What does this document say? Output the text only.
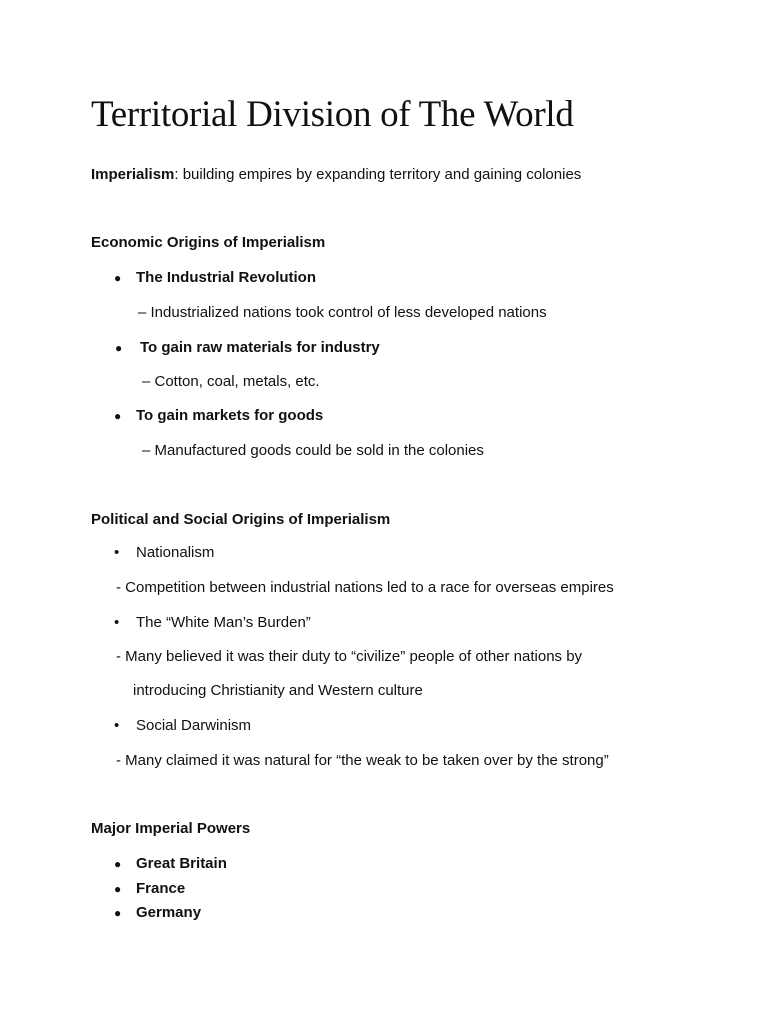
Territorial Division of The World

Imperialism: building empires by expanding territory and gaining colonies

Economic Origins of Imperialism

● The Industrial Revolution

– Industrialized nations took control of less developed nations

● To gain raw materials for industry

– Cotton, coal, metals, etc.

● To gain markets for goods

– Manufactured goods could be sold in the colonies

Political and Social Origins of Imperialism

• Nationalism

- Competition between industrial nations led to a race for overseas empires

• The “White Man’s Burden”

- Many believed it was their duty to “civilize” people of other nations by

introducing Christianity and Western culture

• Social Darwinism

- Many claimed it was natural for “the weak to be taken over by the strong”

Major Imperial Powers

● Great Britain

● France

● Germany
